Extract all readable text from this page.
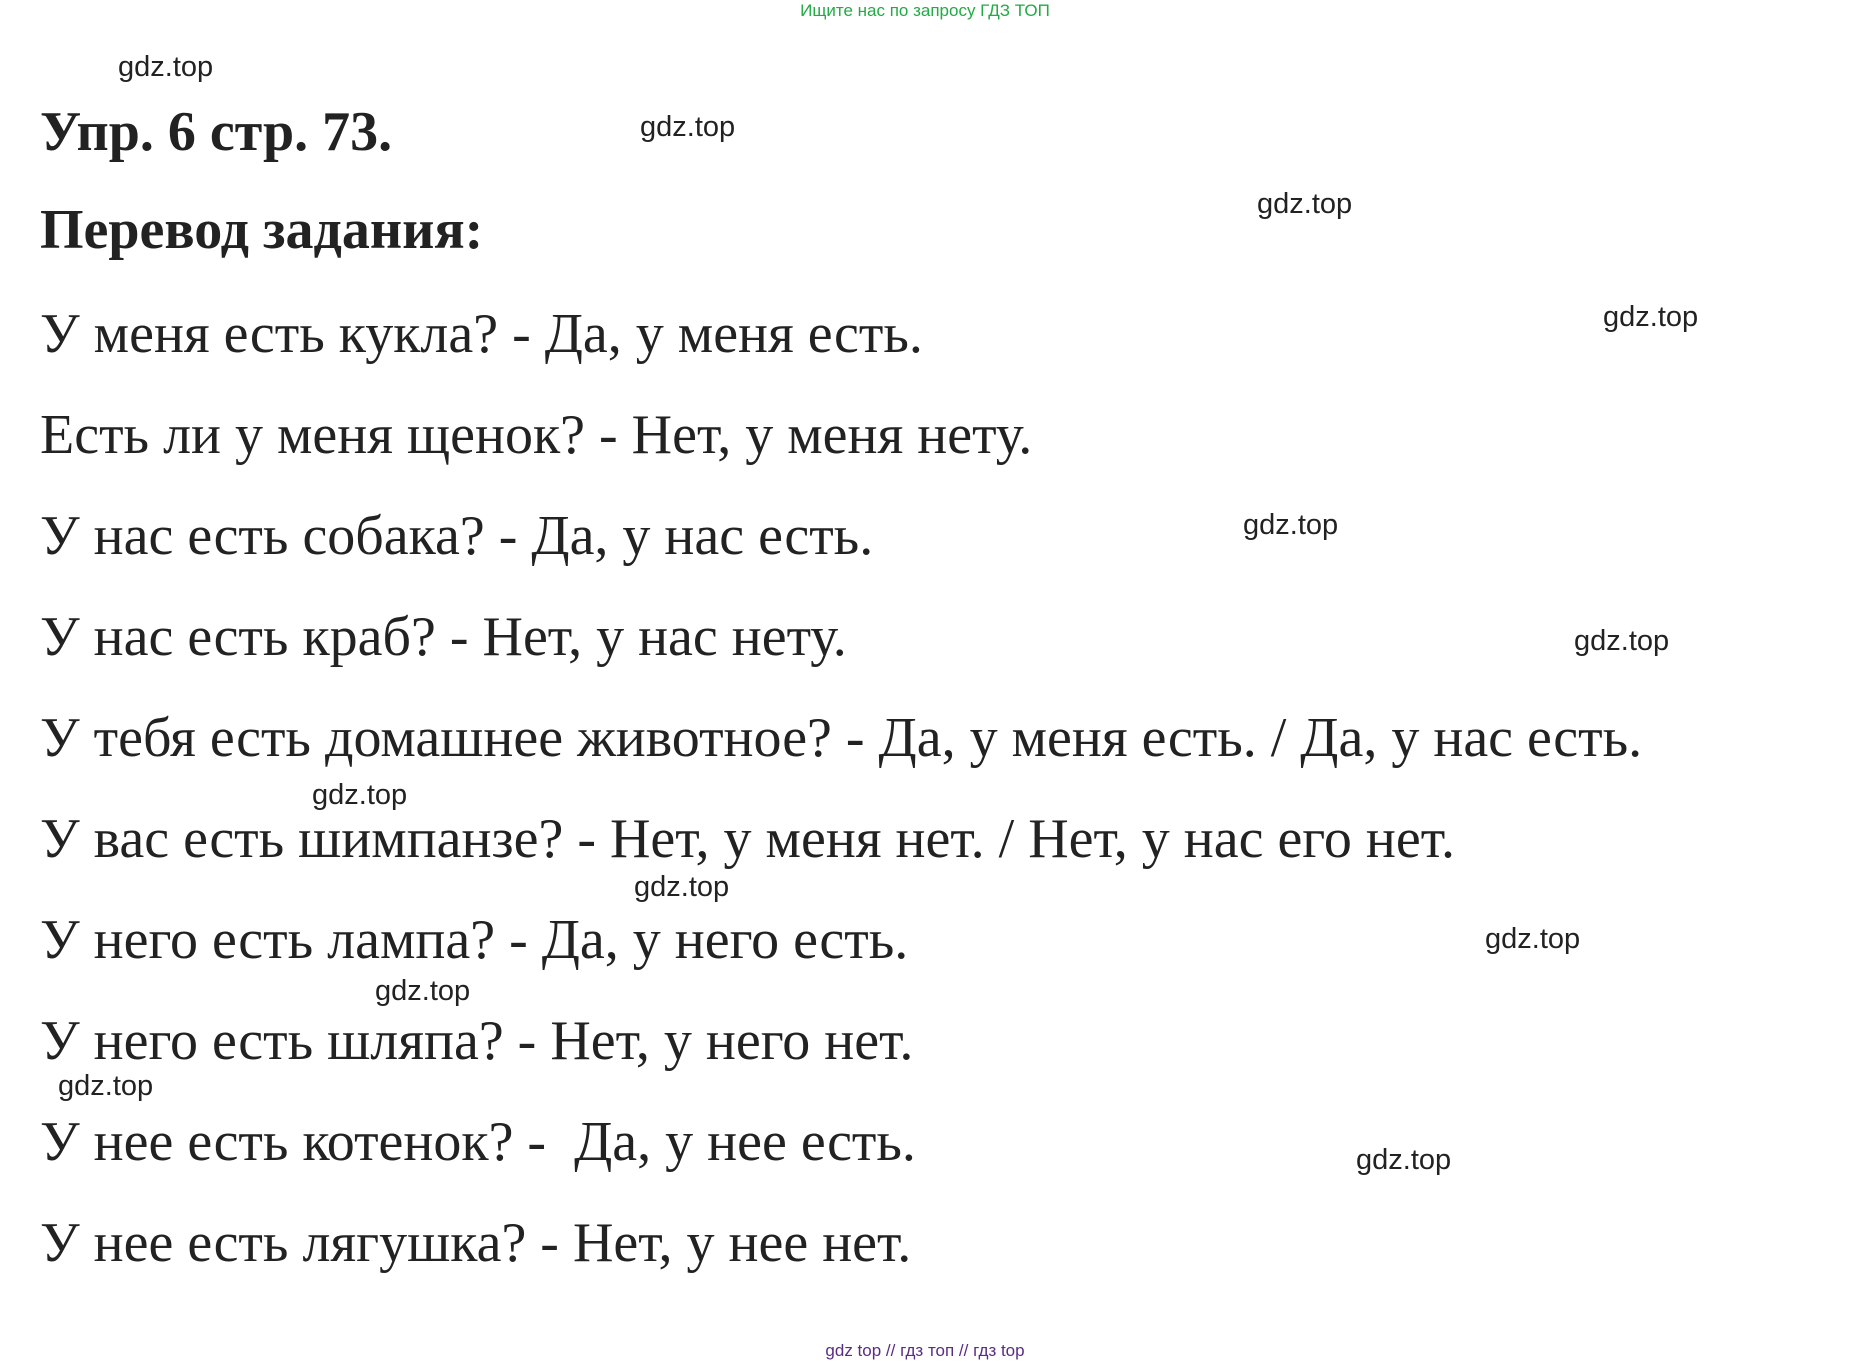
Ищите нас по запросу ГДЗ ТОП
Упр. 6 стр. 73.
Перевод задания:
У меня есть кукла? - Да, у меня есть.
Есть ли у меня щенок? - Нет, у меня нету.
У нас есть собака? - Да, у нас есть.
У нас есть краб? - Нет, у нас нету.
У тебя есть домашнее животное? - Да, у меня есть. / Да, у нас есть.
У вас есть шимпанзе? - Нет, у меня нет. / Нет, у нас его нет.
У него есть лампа? - Да, у него есть.
У него есть шляпа? - Нет, у него нет.
У нее есть котенок? -  Да, у нее есть.
У нее есть лягушка? - Нет, у нее нет.
gdz.top
gdz.top
gdz.top
gdz.top
gdz.top
gdz.top
gdz.top
gdz.top
gdz.top
gdz.top
gdz.top
gdz.top
gdz top // гдз топ // гдз top
